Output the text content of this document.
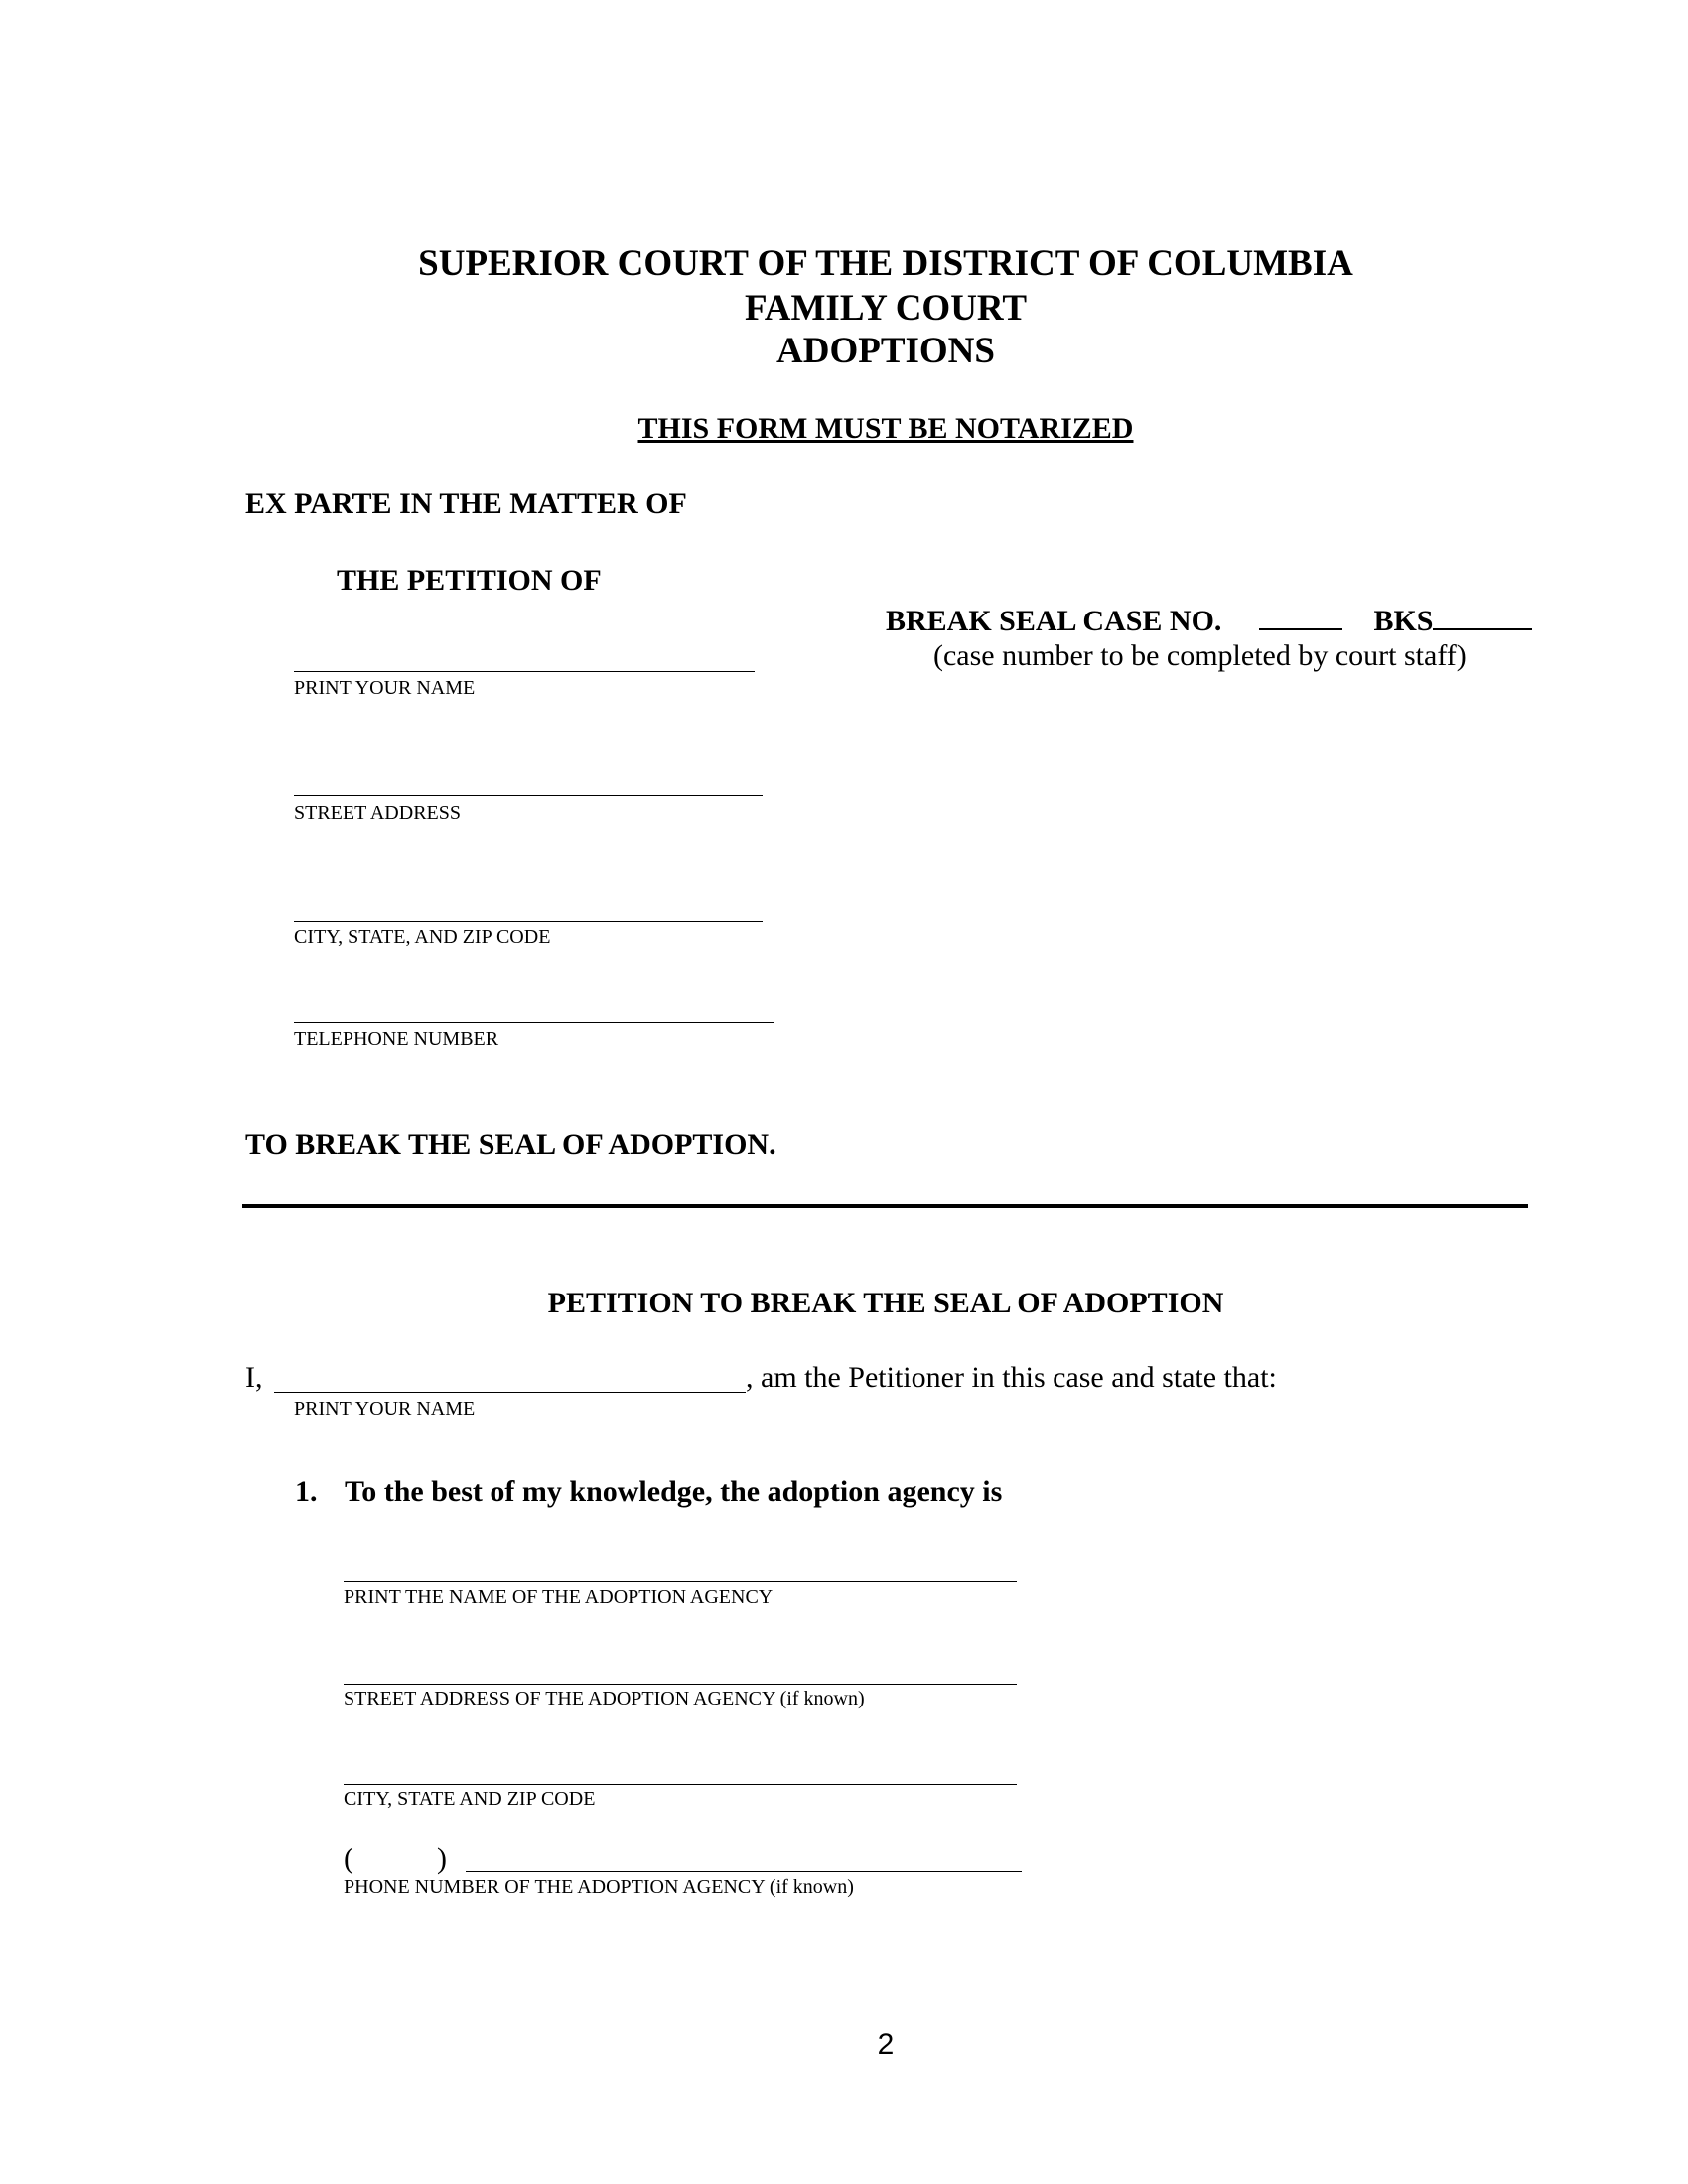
SUPERIOR COURT OF THE DISTRICT OF COLUMBIA
FAMILY COURT
ADOPTIONS
THIS FORM MUST BE NOTARIZED
EX PARTE IN THE MATTER OF
THE PETITION OF
BREAK SEAL CASE NO.	BKS
(case number to be completed by court staff)
PRINT YOUR NAME
STREET ADDRESS
CITY, STATE, AND ZIP CODE
TELEPHONE NUMBER
TO BREAK THE SEAL OF ADOPTION.
PETITION TO BREAK THE SEAL OF ADOPTION
I,	, am the Petitioner in this case and state that:
PRINT YOUR NAME
1. To the best of my knowledge, the adoption agency is
PRINT THE NAME OF THE ADOPTION AGENCY
STREET ADDRESS OF THE ADOPTION AGENCY (if known)
CITY, STATE AND ZIP CODE
(	)
PHONE NUMBER OF THE ADOPTION AGENCY (if known)
2
